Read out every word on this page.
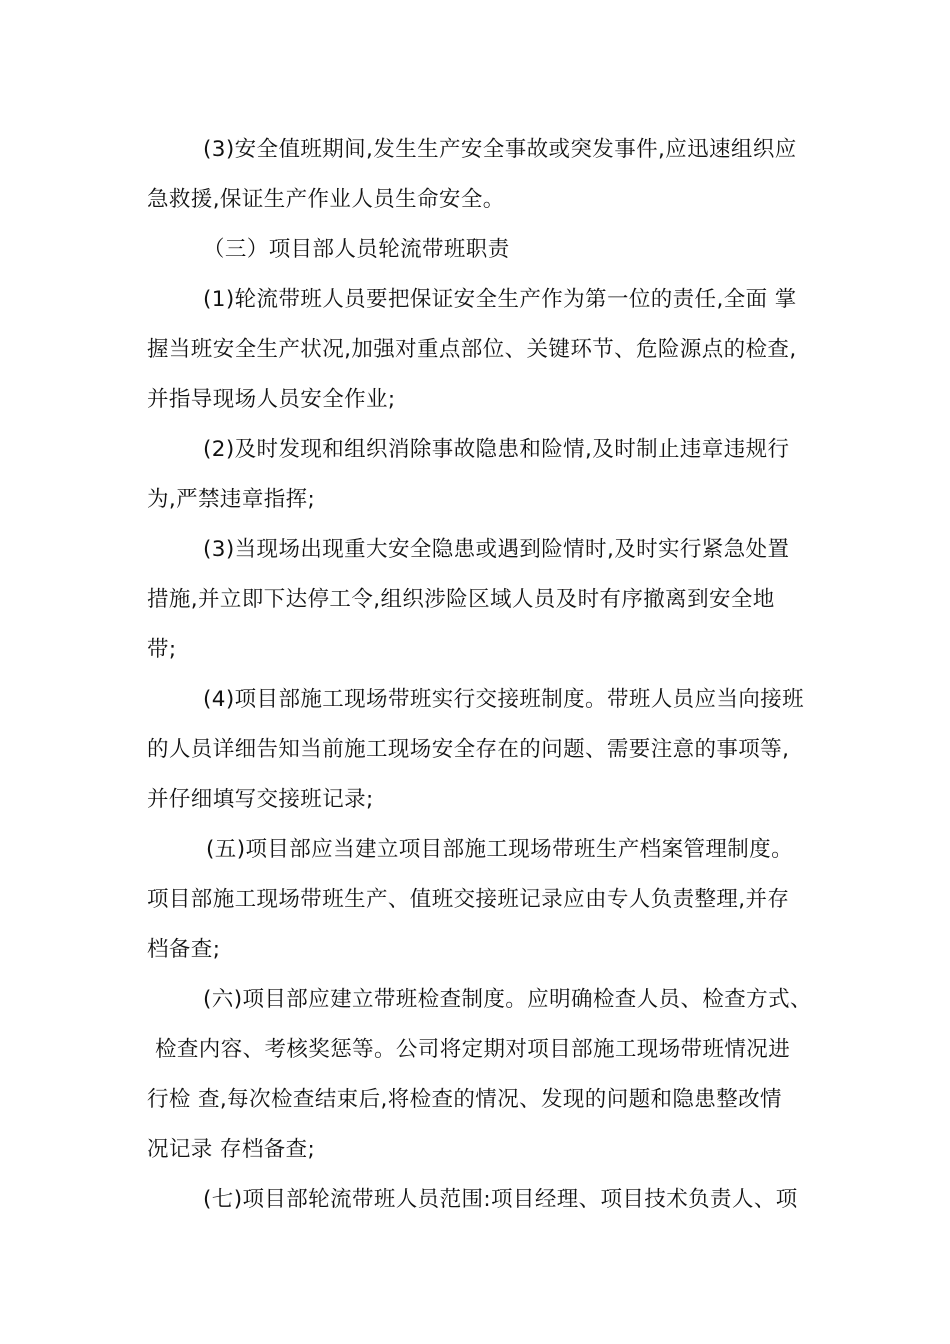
(3)安全值班期间,发生生产安全事故或突发事件,应迅速组织应
急救援,保证生产作业人员生命安全。
（三）项目部人员轮流带班职责
(1)轮流带班人员要把保证安全生产作为第一位的责任,全面 掌
握当班安全生产状况,加强对重点部位、关键环节、危险源点的检查,
并指导现场人员安全作业;
(2)及时发现和组织消除事故隐患和险情,及时制止违章违规行
为,严禁违章指挥;
(3)当现场出现重大安全隐患或遇到险情时,及时实行紧急处置
措施,并立即下达停工令,组织涉险区域人员及时有序撤离到安全地
带;
(4)项目部施工现场带班实行交接班制度。带班人员应当向接班
的人员详细告知当前施工现场安全存在的问题、需要注意的事项等,
并仔细填写交接班记录;
(五)项目部应当建立项目部施工现场带班生产档案管理制度。
项目部施工现场带班生产、值班交接班记录应由专人负责整理,并存
档备查;
(六)项目部应建立带班检查制度。应明确检查人员、检查方式、
检查内容、考核奖惩等。公司将定期对项目部施工现场带班情况进
行检 查,每次检查结束后,将检查的情况、发现的问题和隐患整改情
况记录 存档备查;
(七)项目部轮流带班人员范围:项目经理、项目技术负责人、项
